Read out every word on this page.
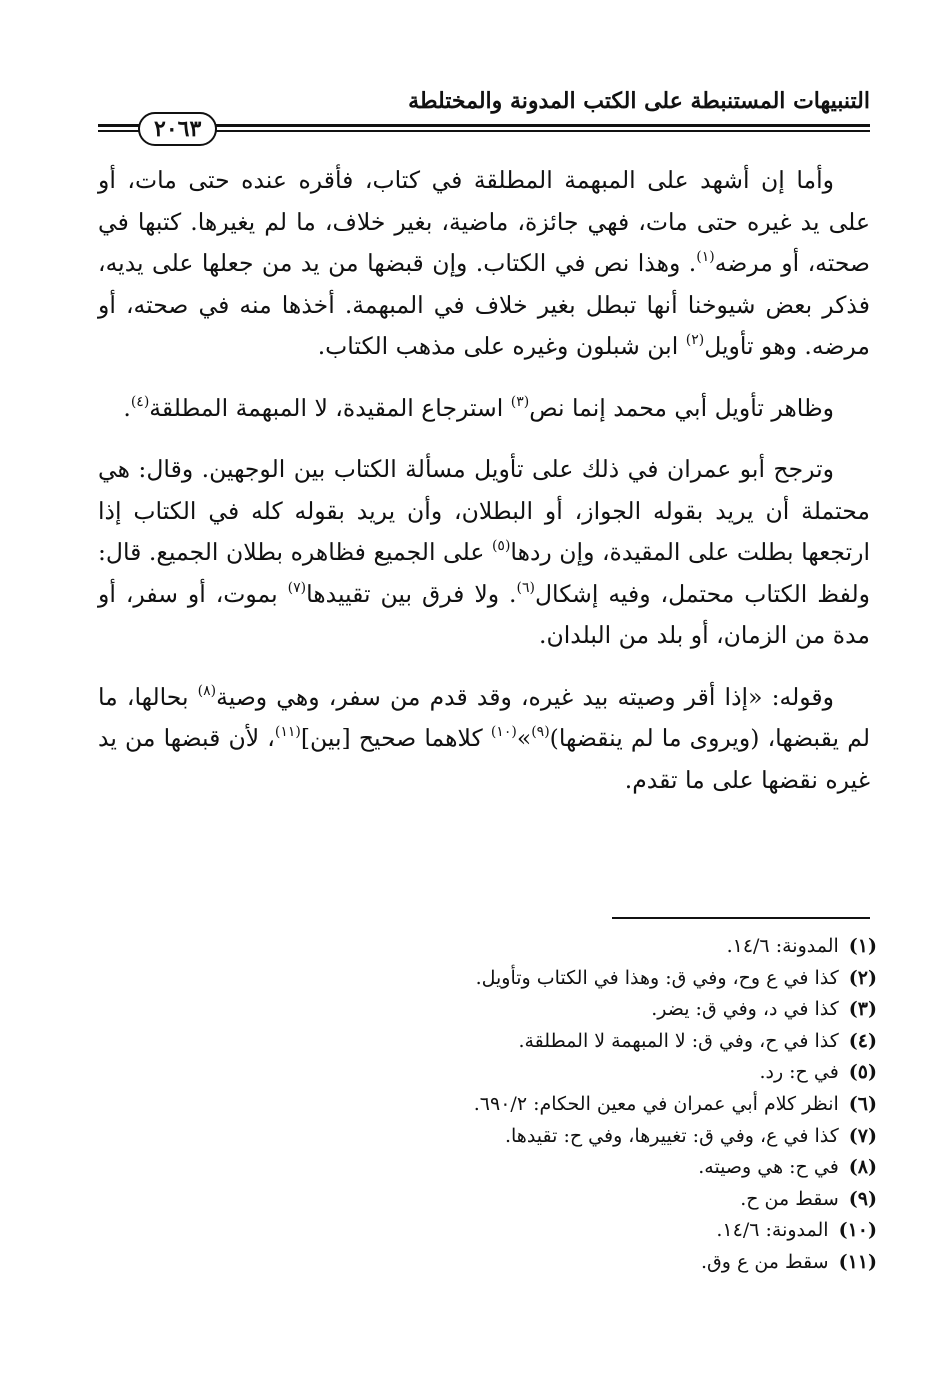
التنبيهات المستنبطة على الكتب المدونة والمختلطة
٢٠٦٣

وأما إن أشهد على المبهمة المطلقة في كتاب، فأقره عنده حتى مات، أو على يد غيره حتى مات، فهي جائزة، ماضية، بغير خلاف، ما لم يغيرها. كتبها في صحته، أو مرضه$^{(١)}$. وهذا نص في الكتاب. وإن قبضها من يد من جعلها على يديه، فذكر بعض شيوخنا أنها تبطل بغير خلاف في المبهمة. أخذها منه في صحته، أو مرضه. وهو تأويل$^{(٢)}$ ابن شبلون وغيره على مذهب الكتاب.

وظاهر تأويل أبي محمد إنما نص$^{(٣)}$ استرجاع المقيدة، لا المبهمة المطلقة$^{(٤)}$.

وترجح أبو عمران في ذلك على تأويل مسألة الكتاب بين الوجهين. وقال: هي محتملة أن يريد بقوله الجواز، أو البطلان، وأن يريد بقوله كله في الكتاب إذا ارتجعها بطلت على المقيدة، وإن ردها$^{(٥)}$ على الجميع فظاهره بطلان الجميع. قال: ولفظ الكتاب محتمل، وفيه إشكال$^{(٦)}$. ولا فرق بين تقييدها$^{(٧)}$ بموت، أو سفر، أو مدة من الزمان، أو بلد من البلدان.

وقوله: «إذا أقر وصيته بيد غيره، وقد قدم من سفر، وهي وصية$^{(٨)}$ بحالها، ما لم يقبضها، (ويروى ما لم ينقضها)$^{(٩)}$»$^{(١٠)}$ كلاهما صحيح [بين]$^{(١١)}$، لأن قبضها من يد غيره نقضها على ما تقدم.

(١)المدونة: ١٤/٦.
(٢)كذا في ع وح، وفي ق: وهذا في الكتاب وتأويل.
(٣)كذا في د، وفي ق: يضر.
(٤)كذا في ح، وفي ق: لا المبهمة لا المطلقة.
(٥)في ح: رد.
(٦)انظر كلام أبي عمران في معين الحكام: ٦٩٠/٢.
(٧)كذا في ع، وفي ق: تغييرها، وفي ح: تقيدها.
(٨)في ح: هي وصيته.
(٩)سقط من ح.
(١٠)المدونة: ١٤/٦.
(١١)سقط من ع وق.
